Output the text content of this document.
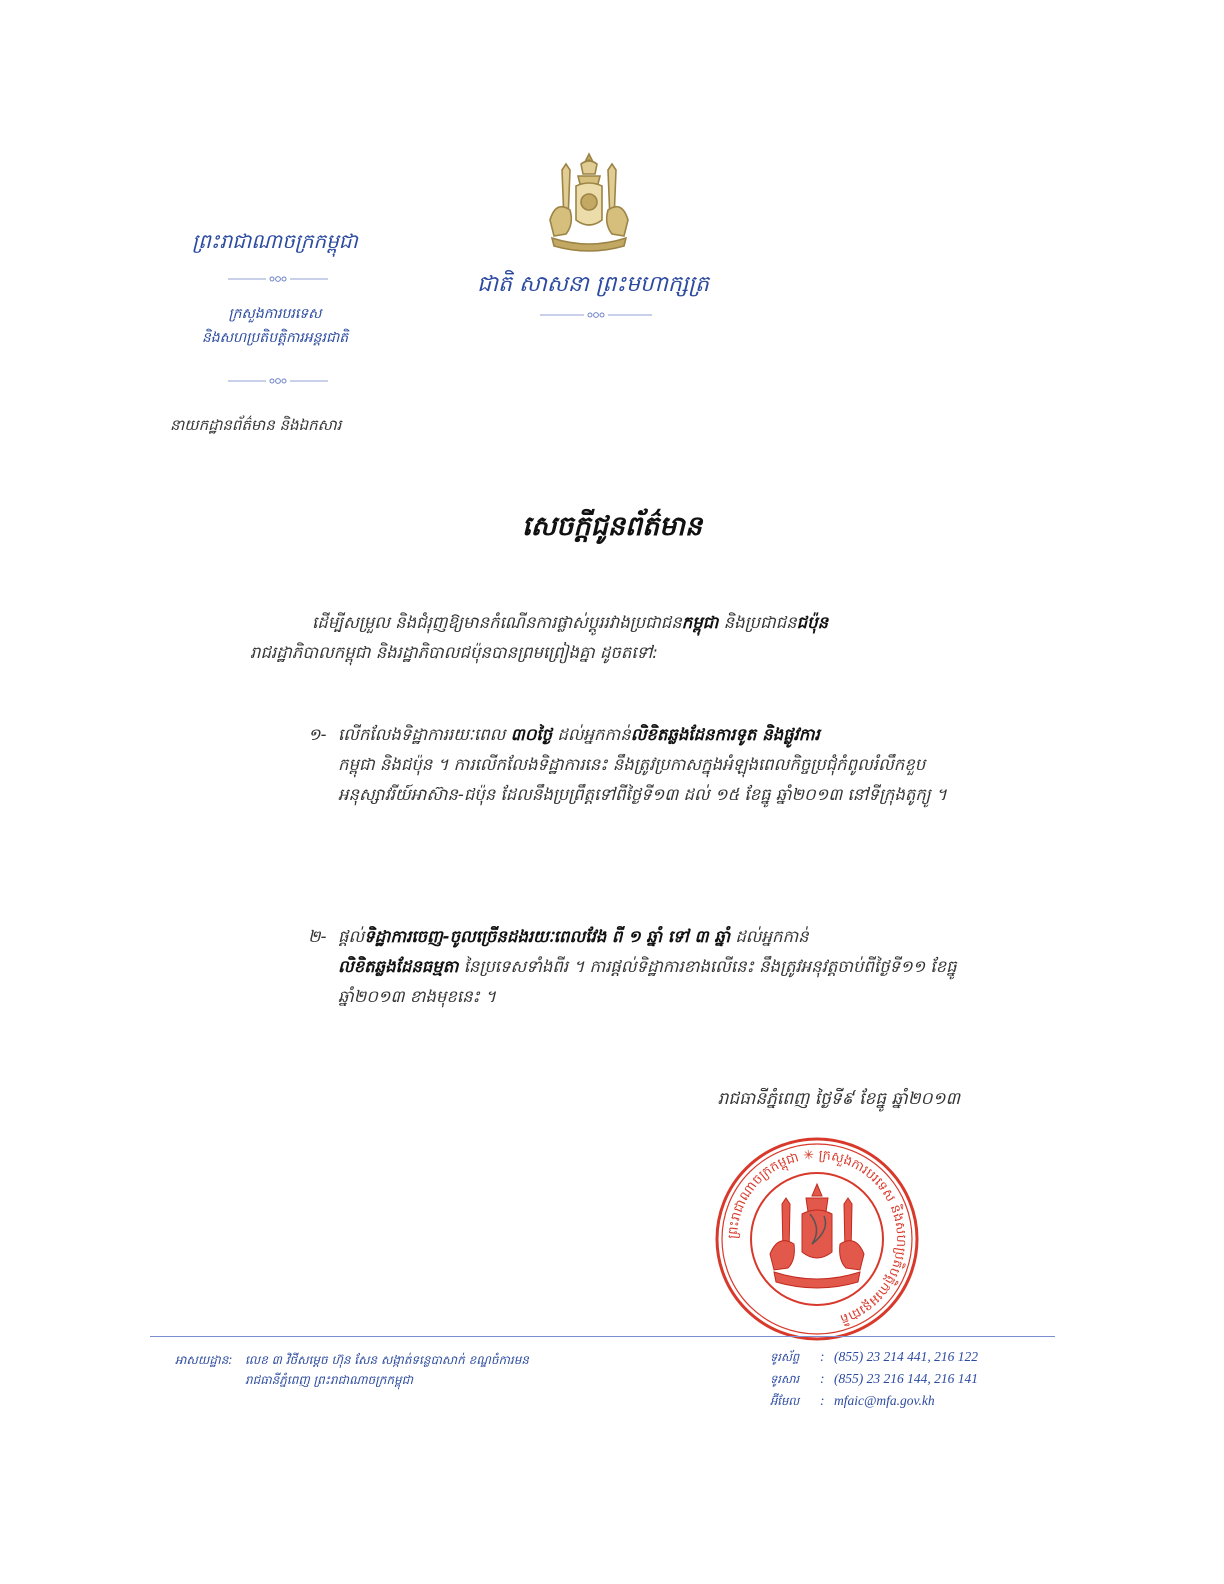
ព្រះរាជាណាចក្រកម្ពុជា
ក្រសួងការបរទេស
និងសហប្រតិបត្តិការអន្តរជាតិ
នាយកដ្ឋានព័ត៌មាន និងឯកសារ
ជាតិ សាសនា ព្រះមហាក្សត្រ
សេចក្តីជូនព័ត៌មាន
ដើម្បីសម្រួល និងជំរុញឱ្យមានកំណើនការផ្លាស់ប្តូររវាងប្រជាជនកម្ពុជា និងប្រជាជនជប៉ុន
រាជរដ្ឋាភិបាលកម្ពុជា និងរដ្ឋាភិបាលជប៉ុនបានព្រមព្រៀងគ្នា ដូចតទៅ:
១- លើកលែងទិដ្ឋាការរយៈពេល ៣០ថ្ងៃ ដល់អ្នកកាន់លិខិតឆ្លងដែនការទូត និងផ្លូវការ
កម្ពុជា និងជប៉ុន ។ ការលើកលែងទិដ្ឋាការនេះ នឹងត្រូវប្រកាសក្នុងអំឡុងពេលកិច្ចប្រជុំកំពូលរំលឹកខួបអនុស្សាវរីយ៍អាស៊ាន-ជប៉ុន ដែលនឹងប្រព្រឹត្តទៅពីថ្ងៃទី១៣ ដល់ ១៥ ខែធ្នូ ឆ្នាំ២០១៣ នៅទីក្រុងតូក្យូ ។
២- ផ្តល់ទិដ្ឋាការចេញ-ចូលច្រើនដងរយៈពេលវែង ពី ១ ឆ្នាំ ទៅ ៣ ឆ្នាំ ដល់អ្នកកាន់
លិខិតឆ្លងដែនធម្មតា នៃប្រទេសទាំងពីរ ។ ការផ្តល់ទិដ្ឋាការខាងលើនេះ នឹងត្រូវអនុវត្តចាប់ពីថ្ងៃទី១១ ខែធ្នូ ឆ្នាំ២០១៣ ខាងមុខនេះ ។
រាជធានីភ្នំពេញ ថ្ងៃទី៩ ខែធ្នូ ឆ្នាំ២០១៣
ព្រះរាជាណាចក្រកម្ពុជា ✳ ក្រសួងការបរទេស និងសហប្រតិបត្តិការអន្តរជាតិ
អាសយដ្ឋាន: លេខ ៣ វិថីសម្តេច ហ៊ុន សែន សង្កាត់ទន្លេបាសាក់ ខណ្ឌចំការមន
រាជធានីភ្នំពេញ ព្រះរាជាណាចក្រកម្ពុជា
ទូរស័ព្ទ : (855) 23 214 441, 216 122
ទូរសារ : (855) 23 216 144, 216 141
អ៊ីមែល : mfaic@mfa.gov.kh
